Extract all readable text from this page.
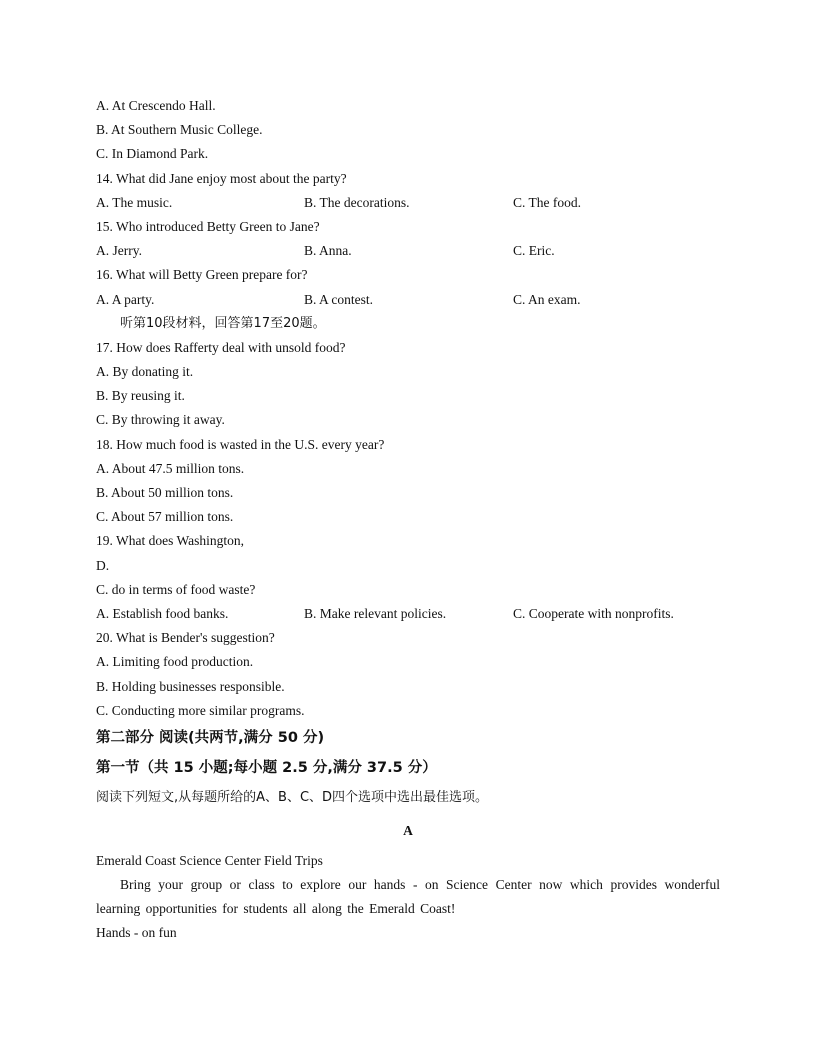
A. At Crescendo Hall.
B. At Southern Music College.
C. In Diamond Park.
14. What did Jane enjoy most about the party?
A. The music.	B. The decorations.	C. The food.
15. Who introduced Betty Green to Jane?
A. Jerry.	B. Anna.	C. Eric.
16. What will Betty Green prepare for?
A. A party.	B. A contest.	C. An exam.
听第10段材料，回答第17至20题。
17. How does Rafferty deal with unsold food?
A. By donating it.
B. By reusing it.
C. By throwing it away.
18. How much food is wasted in the U.S. every year?
A. About 47.5 million tons.
B. About 50 million tons.
C. About 57 million tons.
19. What does Washington,
D.
C. do in terms of food waste?
A. Establish food banks.	B. Make relevant policies.	C. Cooperate with nonprofits.
20. What is Bender's suggestion?
A. Limiting food production.
B. Holding businesses responsible.
C. Conducting more similar programs.
第二部分 阅读(共两节,满分 50 分)
第一节（共 15 小题;每小题 2.5 分,满分 37.5 分）
阅读下列短文,从每题所给的A、B、C、D四个选项中选出最佳选项。
A
Emerald Coast Science Center Field Trips
Bring your group or class to explore our hands - on Science Center now which provides wonderful learning opportunities for students all along the Emerald Coast!
Hands - on fun
